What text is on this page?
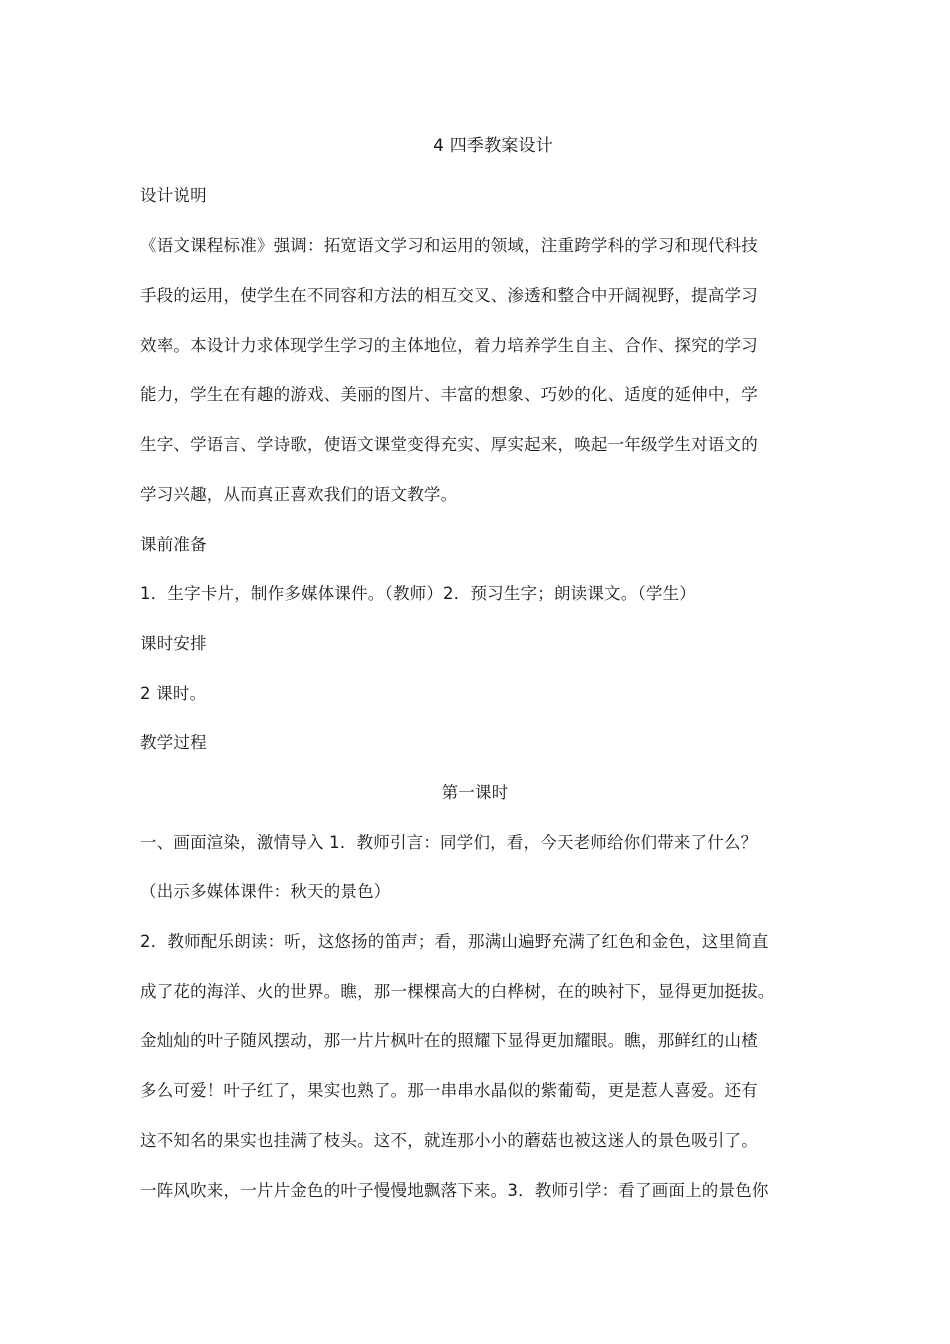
4 四季教案设计
设计说明
《语文课程标准》强调：拓宽语文学习和运用的领域，注重跨学科的学习和现代科技
手段的运用，使学生在不同容和方法的相互交叉、渗透和整合中开阔视野，提高学习
效率。本设计力求体现学生学习的主体地位，着力培养学生自主、合作、探究的学习
能力，学生在有趣的游戏、美丽的图片、丰富的想象、巧妙的化、适度的延伸中，学
生字、学语言、学诗歌，使语文课堂变得充实、厚实起来，唤起一年级学生对语文的
学习兴趣，从而真正喜欢我们的语文教学。
课前准备
1．生字卡片，制作多媒体课件。（教师）2．预习生字；朗读课文。（学生）
课时安排
2 课时。
教学过程
第一课时
一、画面渲染，激情导入 1．教师引言：同学们，看，今天老师给你们带来了什么？
（出示多媒体课件：秋天的景色）
2．教师配乐朗读：听，这悠扬的笛声；看，那满山遍野充满了红色和金色，这里简直
成了花的海洋、火的世界。瞧，那一棵棵高大的白桦树，在的映衬下，显得更加挺拔。
金灿灿的叶子随风摆动，那一片片枫叶在的照耀下显得更加耀眼。瞧，那鲜红的山楂
多么可爱！叶子红了，果实也熟了。那一串串水晶似的紫葡萄，更是惹人喜爱。还有
这不知名的果实也挂满了枝头。这不，就连那小小的蘑菇也被这迷人的景色吸引了。
一阵风吹来，一片片金色的叶子慢慢地飘落下来。3．教师引学：看了画面上的景色你
